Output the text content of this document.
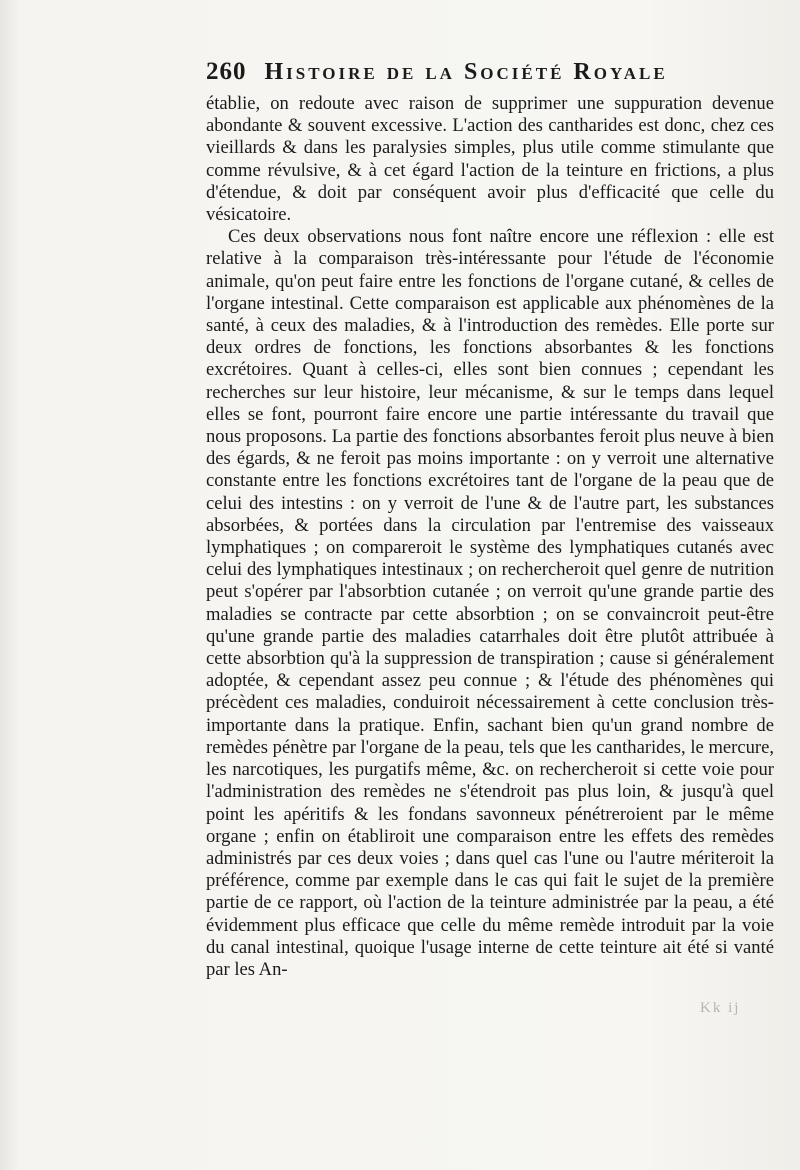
260 Histoire de la Société Royale

établie, on redoute avec raison de supprimer une suppuration devenue abondante & souvent excessive. L'action des cantharides est donc, chez ces vieillards & dans les paralysies simples, plus utile comme stimulante que comme révulsive, & à cet égard l'action de la teinture en frictions, a plus d'étendue, & doit par conséquent avoir plus d'efficacité que celle du vésicatoire.

Ces deux observations nous font naître encore une réflexion : elle est relative à la comparaison très-intéressante pour l'étude de l'économie animale, qu'on peut faire entre les fonctions de l'organe cutané, & celles de l'organe intestinal. Cette comparaison est applicable aux phénomènes de la santé, à ceux des maladies, & à l'introduction des remèdes. Elle porte sur deux ordres de fonctions, les fonctions absorbantes & les fonctions excrétoires. Quant à celles-ci, elles sont bien connues ; cependant les recherches sur leur histoire, leur mécanisme, & sur le temps dans lequel elles se font, pourront faire encore une partie intéressante du travail que nous proposons. La partie des fonctions absorbantes feroit plus neuve à bien des égards, & ne feroit pas moins importante : on y verroit une alternative constante entre les fonctions excrétoires tant de l'organe de la peau que de celui des intestins : on y verroit de l'une & de l'autre part, les substances absorbées, & portées dans la circulation par l'entremise des vaisseaux lymphatiques ; on compareroit le système des lymphatiques cutanés avec celui des lymphatiques intestinaux ; on rechercheroit quel genre de nutrition peut s'opérer par l'absorbtion cutanée ; on verroit qu'une grande partie des maladies se contracte par cette absorbtion ; on se convaincroit peut-être qu'une grande partie des maladies catarrhales doit être plutôt attribuée à cette absorbtion qu'à la suppression de transpiration ; cause si généralement adoptée, & cependant assez peu connue ; & l'étude des phénomènes qui précèdent ces maladies, conduiroit nécessairement à cette conclusion très-importante dans la pratique. Enfin, sachant bien qu'un grand nombre de remèdes pénètre par l'organe de la peau, tels que les cantharides, le mercure, les narcotiques, les purgatifs même, &c. on rechercheroit si cette voie pour l'administration des remèdes ne s'étendroit pas plus loin, & jusqu'à quel point les apéritifs & les fondans savonneux pénétreroient par le même organe ; enfin on établiroit une comparaison entre les effets des remèdes administrés par ces deux voies ; dans quel cas l'une ou l'autre mériteroit la préférence, comme par exemple dans le cas qui fait le sujet de la première partie de ce rapport, où l'action de la teinture administrée par la peau, a été évidemment plus efficace que celle du même remède introduit par la voie du canal intestinal, quoique l'usage interne de cette teinture ait été si vanté par les An-

Kk ij
